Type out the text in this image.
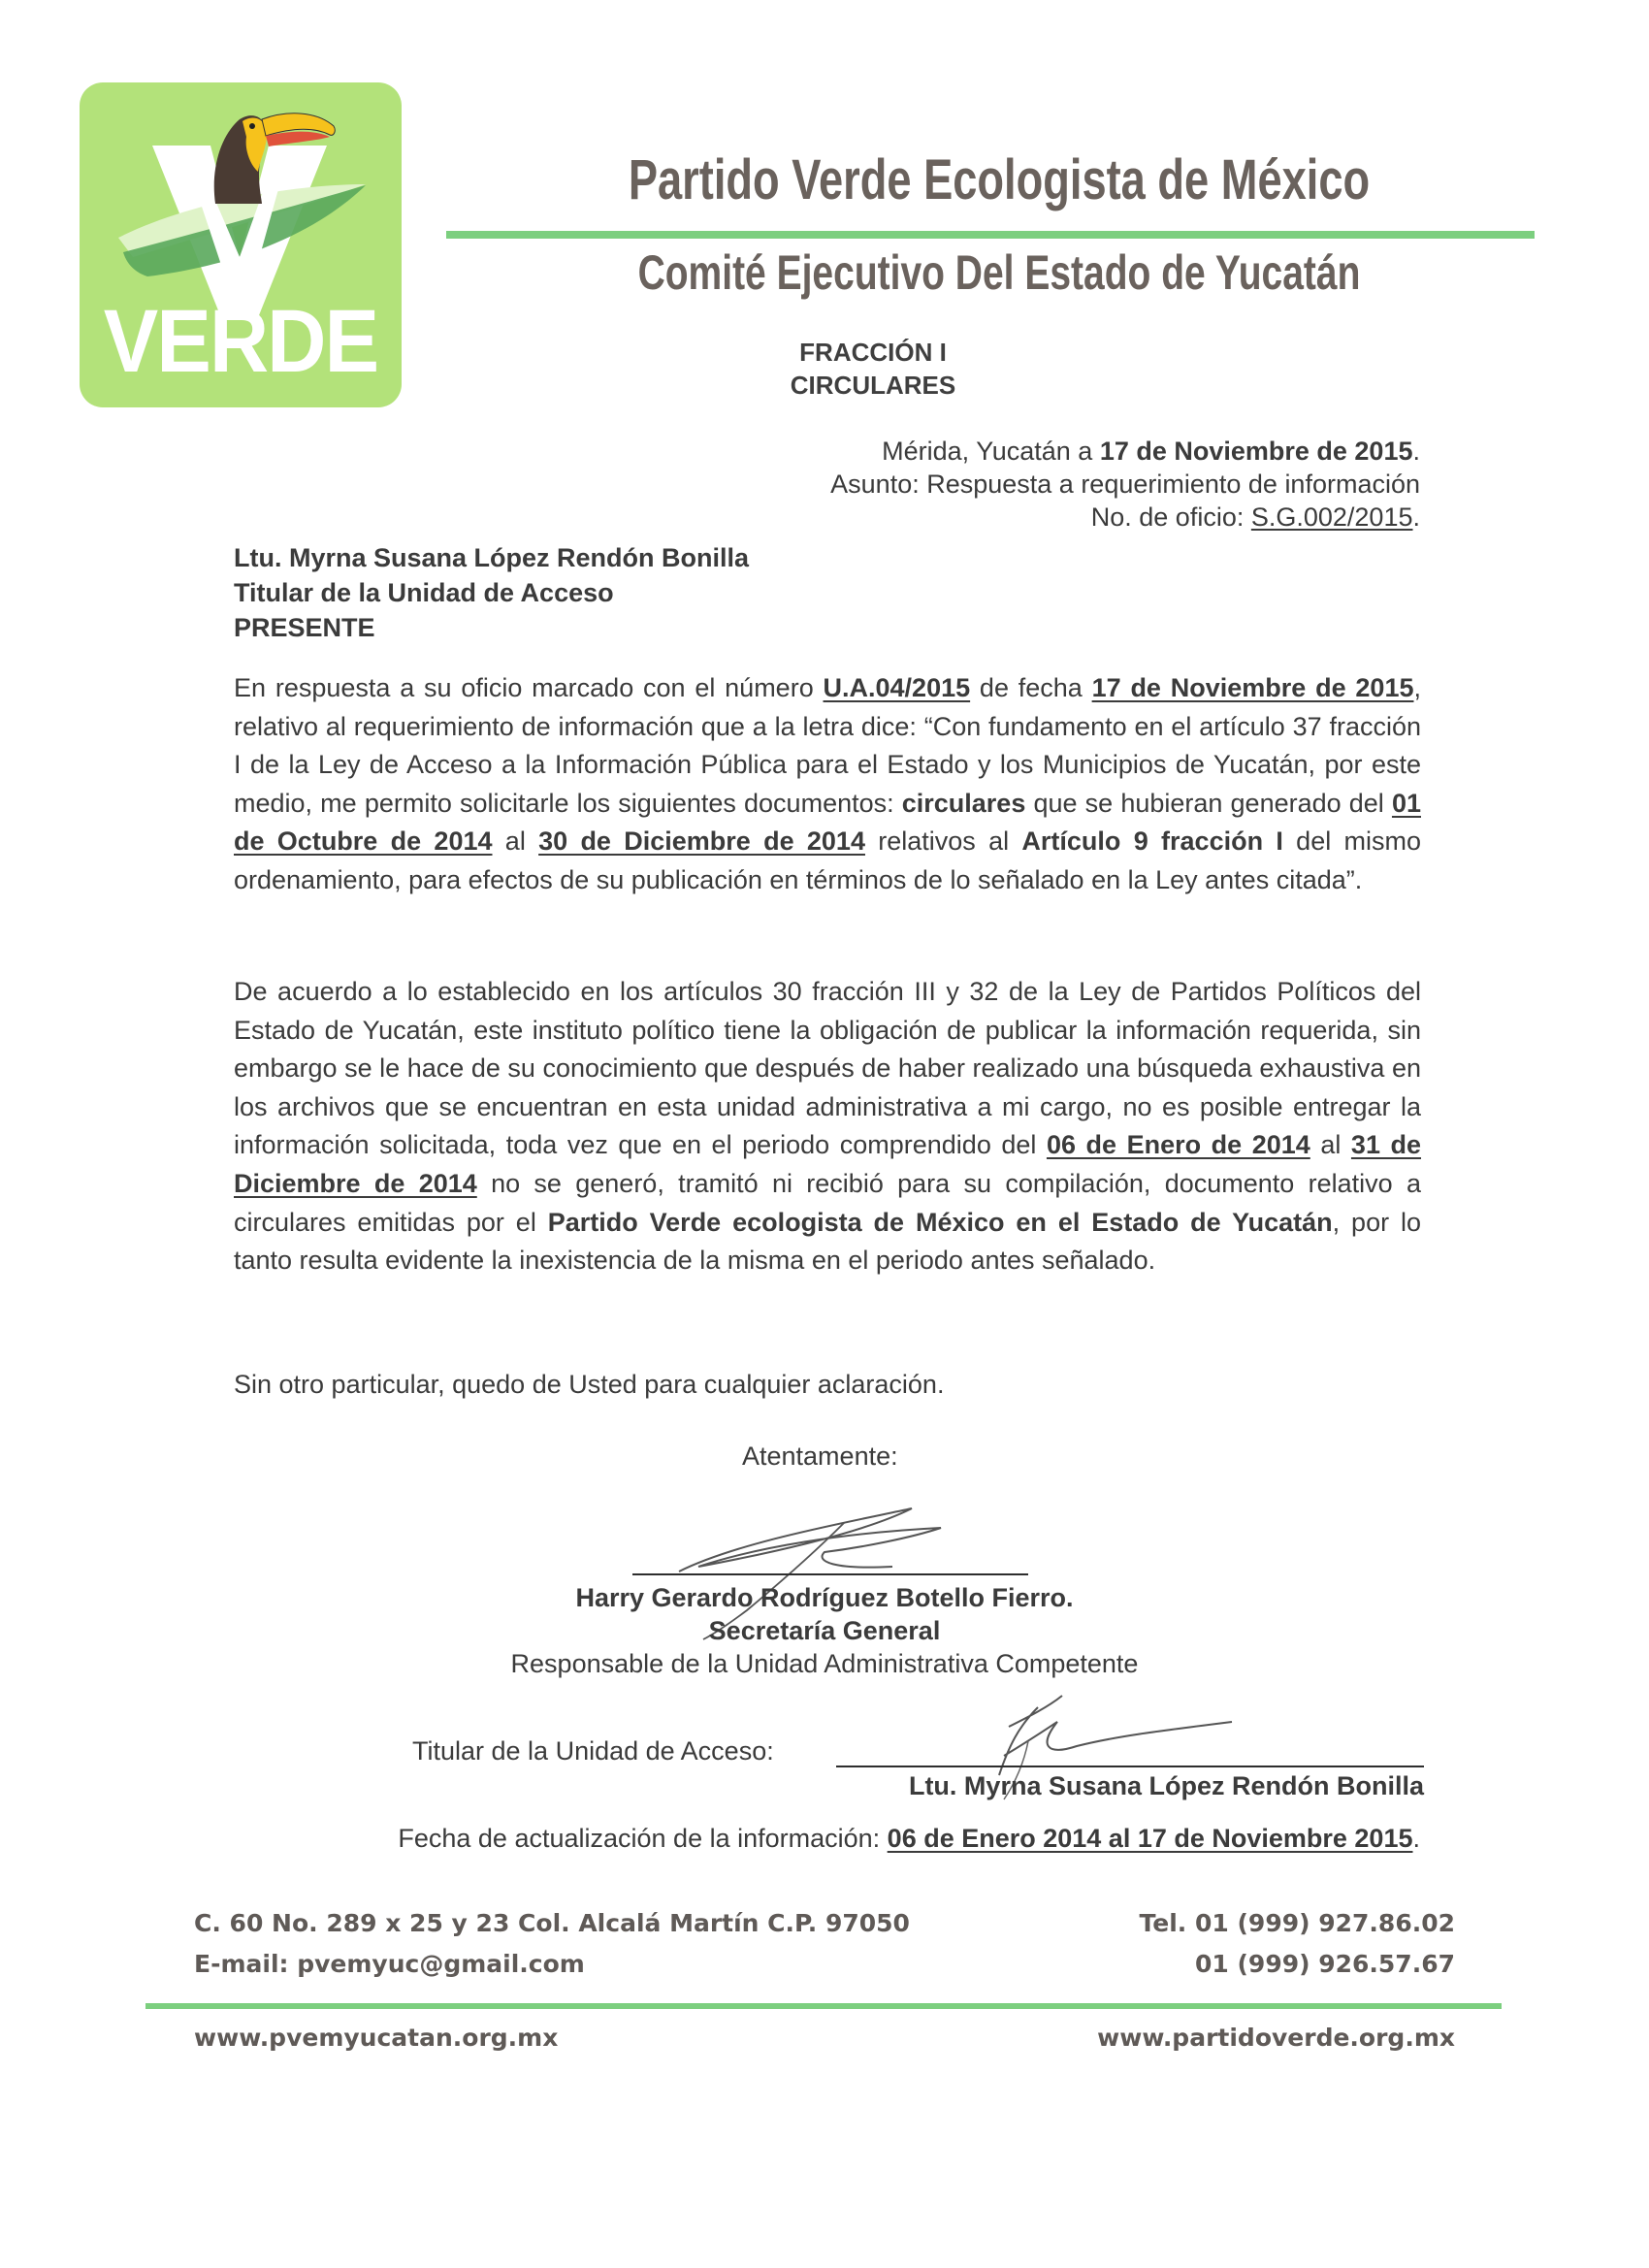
VERDE
Partido Verde Ecologista de México
Comité Ejecutivo Del Estado de Yucatán
FRACCIÓN I
CIRCULARES
Mérida, Yucatán a 17 de Noviembre de 2015.
Asunto: Respuesta a requerimiento de información
No. de oficio: S.G.002/2015.
Ltu. Myrna Susana López Rendón Bonilla
Titular de la Unidad de Acceso
PRESENTE
En respuesta a su oficio marcado con el número U.A.04/2015 de fecha 17 de Noviembre de 2015, relativo al requerimiento de información que a la letra dice: “Con fundamento en el artículo 37 fracción I de la Ley de Acceso a la Información Pública para el Estado y los Municipios de Yucatán, por este medio, me permito solicitarle los siguientes documentos: circulares que se hubieran generado del 01 de Octubre de 2014 al 30 de Diciembre de 2014 relativos al Artículo 9 fracción I del mismo ordenamiento, para efectos de su publicación en términos de lo señalado en la Ley antes citada”.
De acuerdo a lo establecido en los artículos 30 fracción III y 32 de la Ley de Partidos Políticos del Estado de Yucatán, este instituto político tiene la obligación de publicar la información requerida, sin embargo se le hace de su conocimiento que después de haber realizado una búsqueda exhaustiva en los archivos que se encuentran en esta unidad administrativa a mi cargo, no es posible entregar la información solicitada, toda vez que en el periodo comprendido del 06 de Enero de 2014 al 31 de Diciembre de 2014 no se generó, tramitó ni recibió para su compilación, documento relativo a circulares emitidas por el Partido Verde ecologista de México en el Estado de Yucatán, por lo tanto resulta evidente la inexistencia de la misma en el periodo antes señalado.
Sin otro particular, quedo de Usted para cualquier aclaración.
Atentamente:
Harry Gerardo Rodríguez Botello Fierro.
Secretaría General
Responsable de la Unidad Administrativa Competente
Titular de la Unidad de Acceso:
Ltu. Myrna Susana López Rendón Bonilla
Fecha de actualización de la información: 06 de Enero 2014 al 17 de Noviembre 2015.
C. 60 No. 289 x 25 y 23 Col. Alcalá Martín C.P. 97050
E-mail: pvemyuc@gmail.com
Tel. 01 (999) 927.86.02
01 (999) 926.57.67
www.pvemyucatan.org.mx	www.partidoverde.org.mx
